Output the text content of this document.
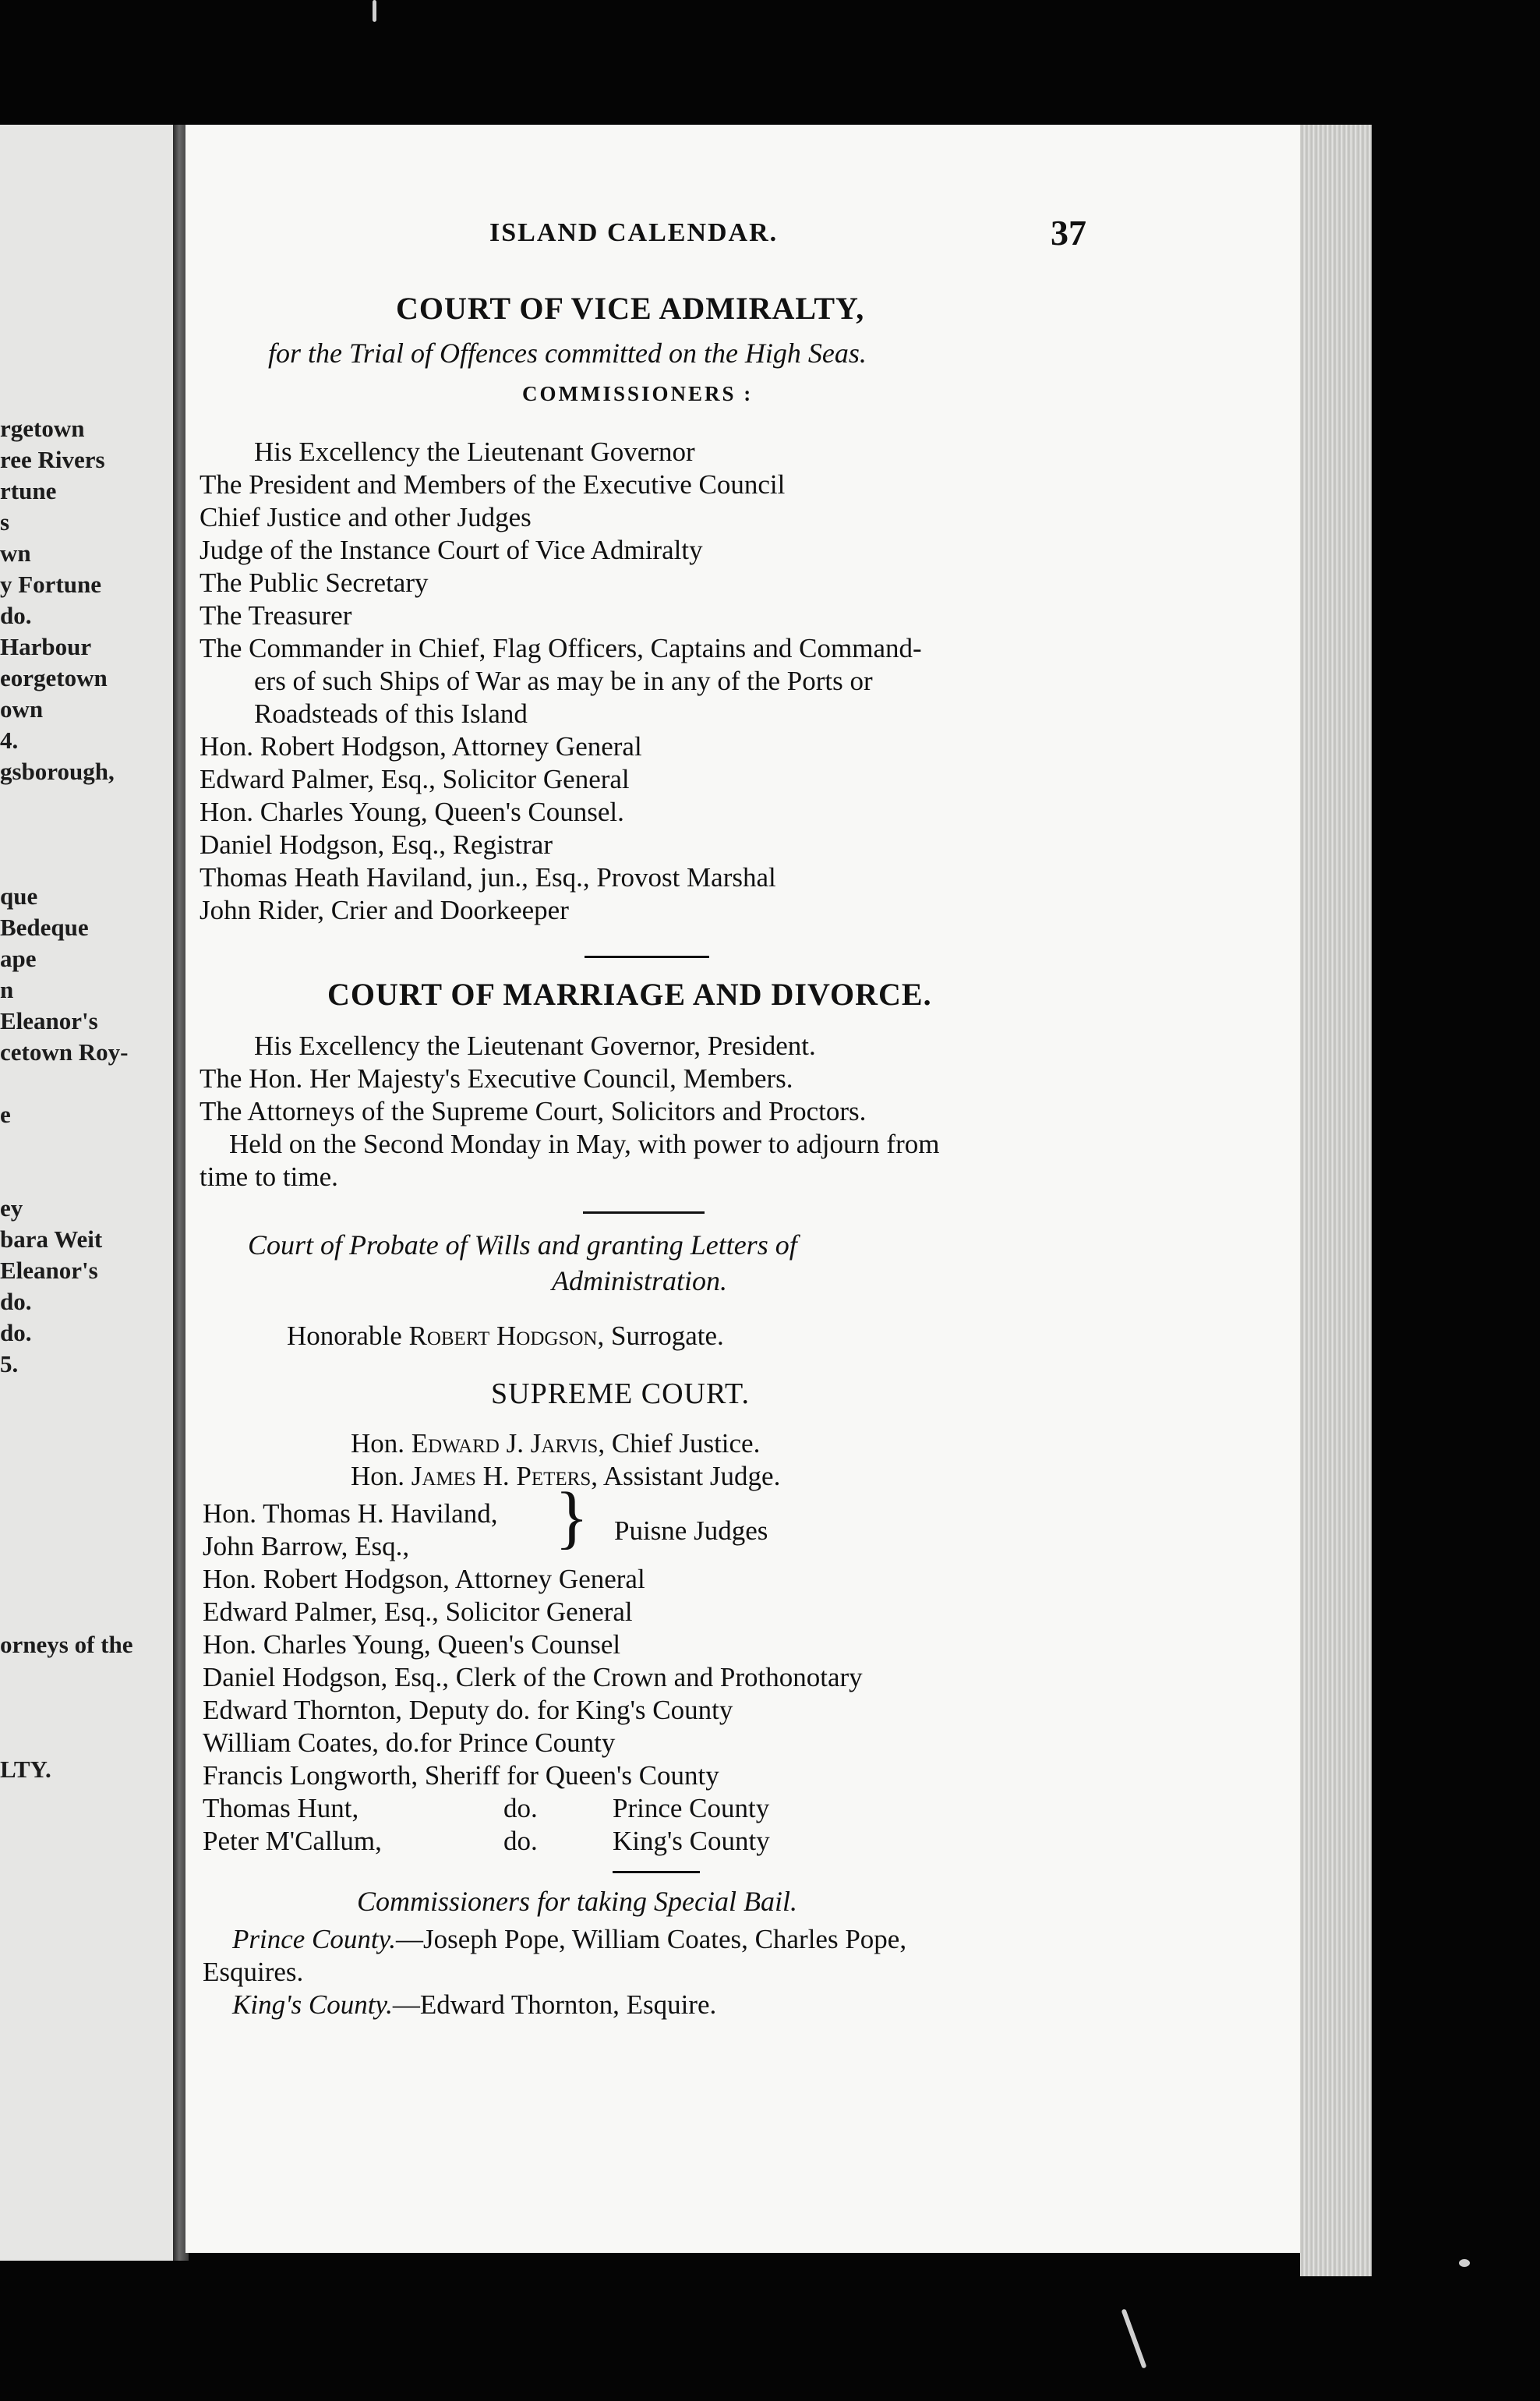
rgetown
ree Rivers
rtune
s
wn
y Fortune
do.
Harbour
eorgetown
own
4.
gsborough,
que
Bedeque
ape
n
Eleanor's
cetown Roy-
e
ey
bara Weit
Eleanor's
do.
do.
5.
orneys of the
LTY.
ISLAND CALENDAR.	37
COURT OF VICE ADMIRALTY,
for the Trial of Offences committed on the High Seas.
COMMISSIONERS :
His Excellency the Lieutenant Governor
The President and Members of the Executive Council
Chief Justice and other Judges
Judge of the Instance Court of Vice Admiralty
The Public Secretary
The Treasurer
The Commander in Chief, Flag Officers, Captains and Command-
ers of such Ships of War as may be in any of the Ports or
Roadsteads of this Island
Hon. Robert Hodgson, Attorney General
Edward Palmer, Esq., Solicitor General
Hon. Charles Young, Queen's Counsel.
Daniel Hodgson, Esq., Registrar
Thomas Heath Haviland, jun., Esq., Provost Marshal
John Rider, Crier and Doorkeeper
COURT OF MARRIAGE AND DIVORCE.
His Excellency the Lieutenant Governor, President.
The Hon. Her Majesty's Executive Council, Members.
The Attorneys of the Supreme Court, Solicitors and Proctors.
Held on the Second Monday in May, with power to adjourn from
time to time.
Court of Probate of Wills and granting Letters of
Administration.
Honorable Robert Hodgson, Surrogate.
SUPREME COURT.
Hon. Edward J. Jarvis, Chief Justice.
Hon. James H. Peters, Assistant Judge.
Hon. Thomas H. Haviland,
John Barrow, Esq., } Puisne Judges
Hon. Robert Hodgson, Attorney General
Edward Palmer, Esq., Solicitor General
Hon. Charles Young, Queen's Counsel
Daniel Hodgson, Esq., Clerk of the Crown and Prothonotary
Edward Thornton, Deputy do. for King's County
William Coates, do.for Prince County
Francis Longworth, Sheriff for Queen's County
Thomas Hunt,	do.	Prince County
Peter M'Callum,	do.	King's County
Commissioners for taking Special Bail.
Prince County.—Joseph Pope, William Coates, Charles Pope,
Esquires.
King's County.—Edward Thornton, Esquire.
